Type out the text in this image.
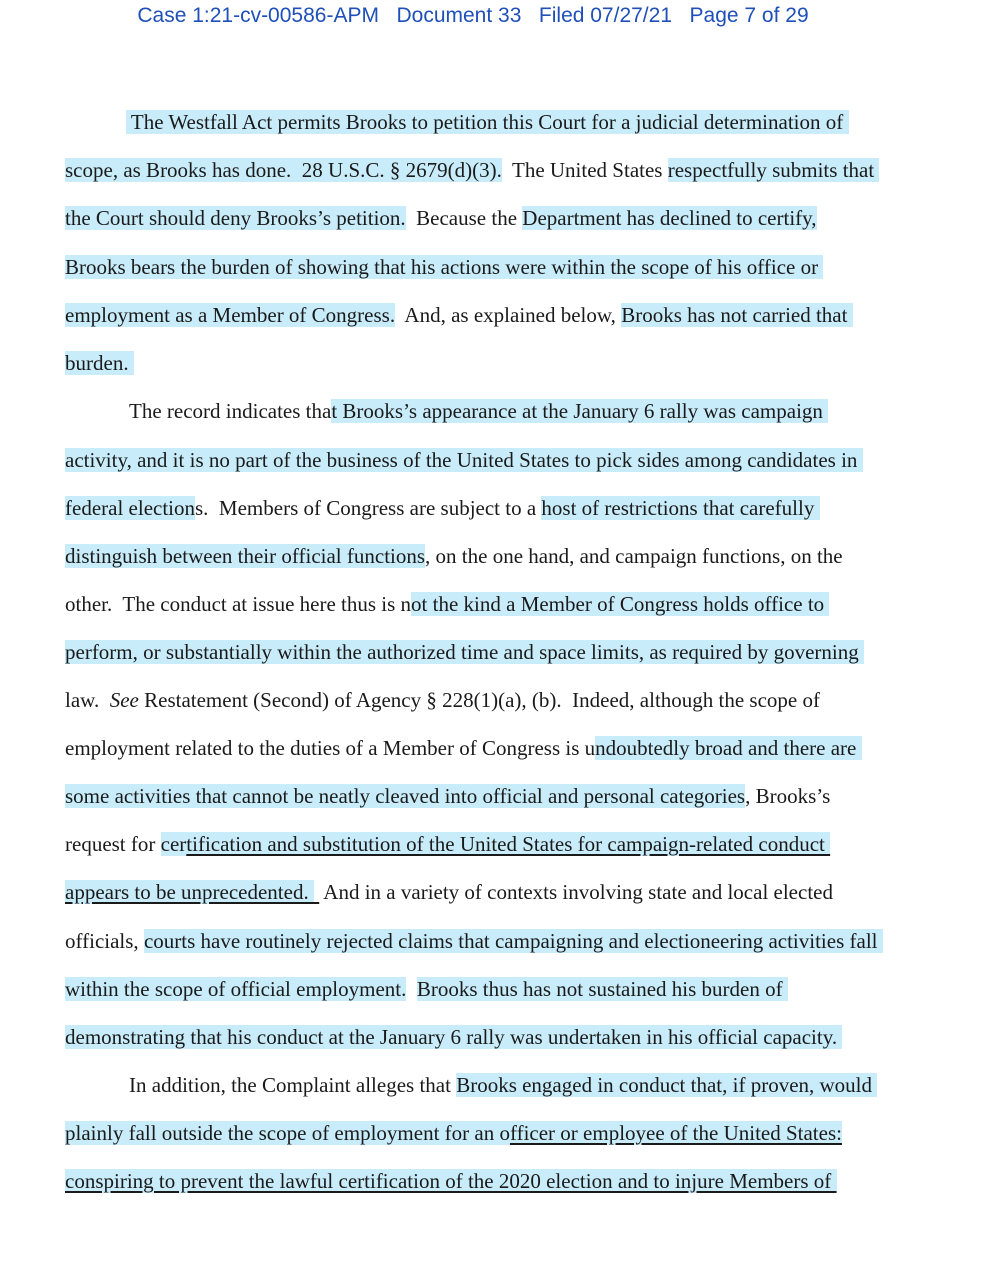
Case 1:21-cv-00586-APM Document 33 Filed 07/27/21 Page 7 of 29
The Westfall Act permits Brooks to petition this Court for a judicial determination of
scope, as Brooks has done.  28 U.S.C. § 2679(d)(3).  The United States respectfully submits that
the Court should deny Brooks’s petition.  Because the Department has declined to certify,
Brooks bears the burden of showing that his actions were within the scope of his office or
employment as a Member of Congress.  And, as explained below, Brooks has not carried that
burden.
The record indicates that Brooks’s appearance at the January 6 rally was campaign
activity, and it is no part of the business of the United States to pick sides among candidates in
federal elections.  Members of Congress are subject to a host of restrictions that carefully
distinguish between their official functions, on the one hand, and campaign functions, on the
other.  The conduct at issue here thus is not the kind a Member of Congress holds office to
perform, or substantially within the authorized time and space limits, as required by governing
law.  See Restatement (Second) of Agency § 228(1)(a), (b).  Indeed, although the scope of
employment related to the duties of a Member of Congress is undoubtedly broad and there are
some activities that cannot be neatly cleaved into official and personal categories, Brooks’s
request for certification and substitution of the United States for campaign-related conduct
appears to be unprecedented.   And in a variety of contexts involving state and local elected
officials, courts have routinely rejected claims that campaigning and electioneering activities fall
within the scope of official employment. Brooks thus has not sustained his burden of
demonstrating that his conduct at the January 6 rally was undertaken in his official capacity.
In addition, the Complaint alleges that Brooks engaged in conduct that, if proven, would
plainly fall outside the scope of employment for an officer or employee of the United States:
conspiring to prevent the lawful certification of the 2020 election and to injure Members of
